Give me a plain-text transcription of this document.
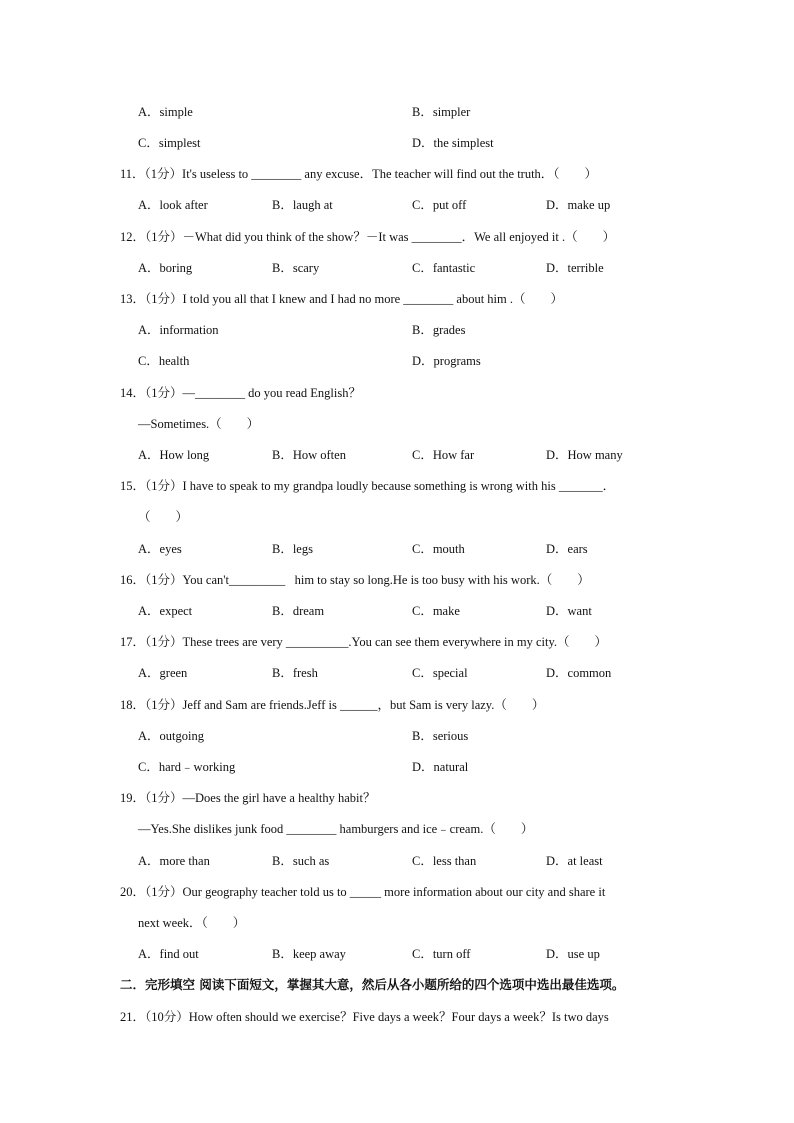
A．simple	B．simpler
C．simplest	D．the simplest
11．（1分）It's useless to ________ any excuse．The teacher will find out the truth．（　　）
A．look after	B．laugh at	C．put off	D．make up
12．（1分）－What did you think of the show？－It was ________．We all enjoyed it .（　　）
A．boring	B．scary	C．fantastic	D．terrible
13．（1分）I told you all that I knew and I had no more ________ about him .（　　）
A．information	B．grades
C．health	D．programs
14．（1分）—________ do you read English？
—Sometimes.（　　）
A．How long	B．How often	C．How far	D．How many
15．（1分）I have to speak to my grandpa loudly because something is wrong with his _______．
（　　）
A．eyes	B．legs	C．mouth	D．ears
16．（1分）You can't_________   him to stay so long.He is too busy with his work.（　　）
A．expect	B．dream	C．make	D．want
17．（1分）These trees are very __________.You can see them everywhere in my city.（　　）
A．green	B．fresh	C．special	D．common
18．（1分）Jeff and Sam are friends.Jeff is ______，but Sam is very lazy.（　　）
A．outgoing	B．serious
C．hard﹣working	D．natural
19．（1分）—Does the girl have a healthy habit？
—Yes.She dislikes junk food ________ hamburgers and ice﹣cream.（　　）
A．more than	B．such as	C．less than	D．at least
20．（1分）Our geography teacher told us to _____ more information about our city and share it
next week．（　　）
A．find out	B．keep away	C．turn off	D．use up
二．完形填空 阅读下面短文，掌握其大意，然后从各小题所给的四个选项中选出最佳选项。
21．（10分）How often should we exercise？Five days a week？Four days a week？Is two days
